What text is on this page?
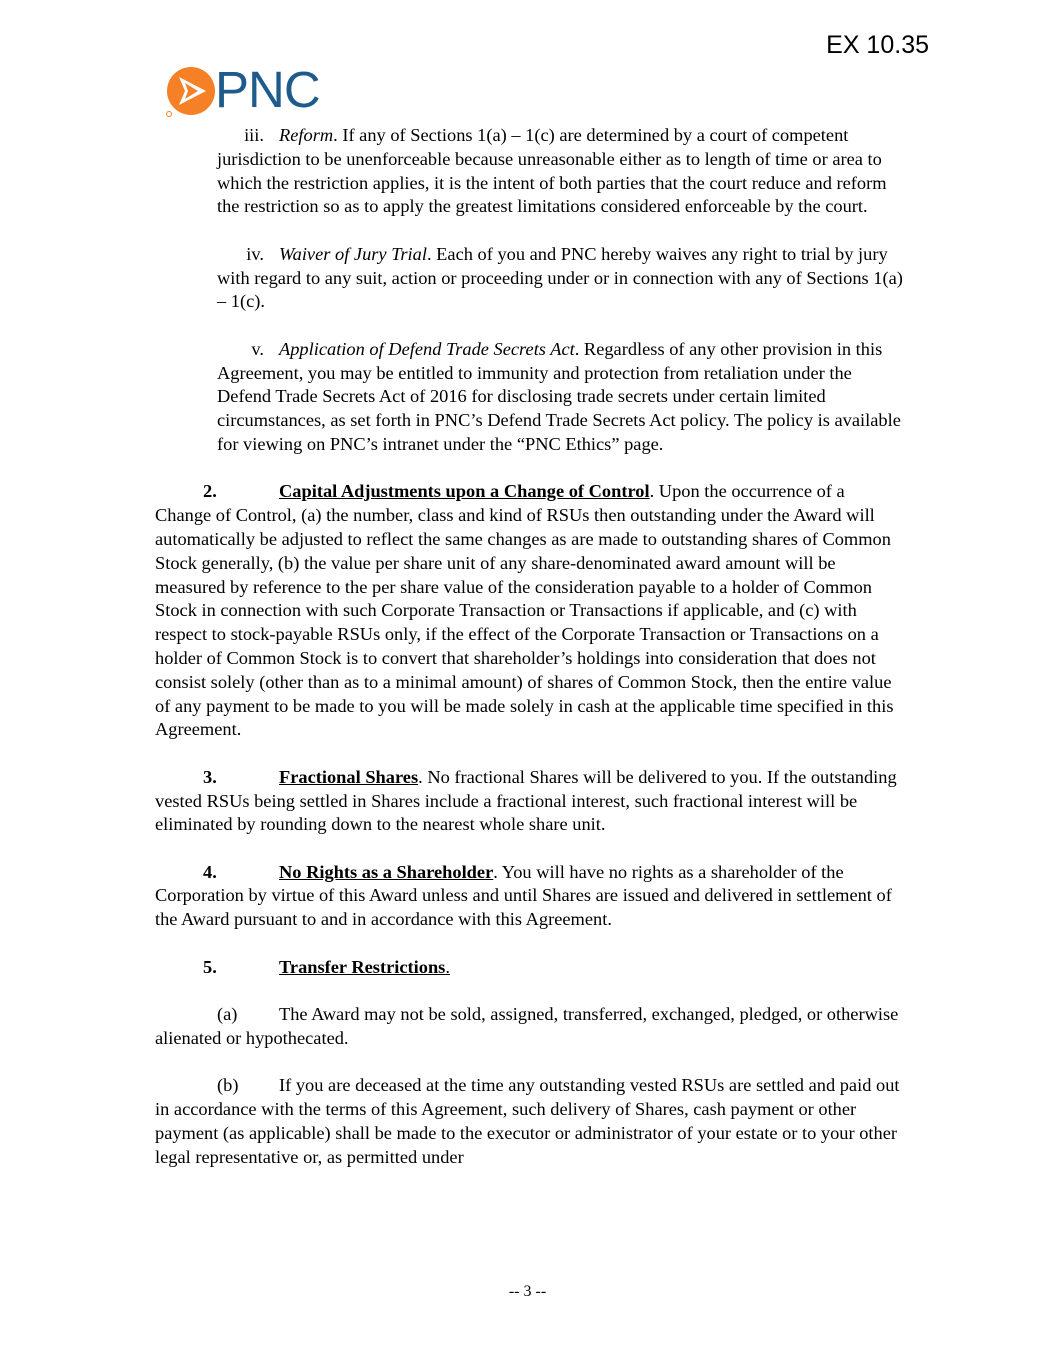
EX 10.35
PNC

iii. Reform. If any of Sections 1(a) – 1(c) are determined by a court of competent jurisdiction to be unenforceable because unreasonable either as to length of time or area to which the restriction applies, it is the intent of both parties that the court reduce and reform the restriction so as to apply the greatest limitations considered enforceable by the court.

iv. Waiver of Jury Trial. Each of you and PNC hereby waives any right to trial by jury with regard to any suit, action or proceeding under or in connection with any of Sections 1(a) – 1(c).

v. Application of Defend Trade Secrets Act. Regardless of any other provision in this Agreement, you may be entitled to immunity and protection from retaliation under the Defend Trade Secrets Act of 2016 for disclosing trade secrets under certain limited circumstances, as set forth in PNC’s Defend Trade Secrets Act policy. The policy is available for viewing on PNC’s intranet under the “PNC Ethics” page.

2.	Capital Adjustments upon a Change of Control. Upon the occurrence of a Change of Control, (a) the number, class and kind of RSUs then outstanding under the Award will automatically be adjusted to reflect the same changes as are made to outstanding shares of Common Stock generally, (b) the value per share unit of any share-denominated award amount will be measured by reference to the per share value of the consideration payable to a holder of Common Stock in connection with such Corporate Transaction or Transactions if applicable, and (c) with respect to stock-payable RSUs only, if the effect of the Corporate Transaction or Transactions on a holder of Common Stock is to convert that shareholder’s holdings into consideration that does not consist solely (other than as to a minimal amount) of shares of Common Stock, then the entire value of any payment to be made to you will be made solely in cash at the applicable time specified in this Agreement.

3.	Fractional Shares. No fractional Shares will be delivered to you. If the outstanding vested RSUs being settled in Shares include a fractional interest, such fractional interest will be eliminated by rounding down to the nearest whole share unit.

4.	No Rights as a Shareholder. You will have no rights as a shareholder of the Corporation by virtue of this Award unless and until Shares are issued and delivered in settlement of the Award pursuant to and in accordance with this Agreement.

5.	Transfer Restrictions.

(a) The Award may not be sold, assigned, transferred, exchanged, pledged, or otherwise alienated or hypothecated.

(b) If you are deceased at the time any outstanding vested RSUs are settled and paid out in accordance with the terms of this Agreement, such delivery of Shares, cash payment or other payment (as applicable) shall be made to the executor or administrator of your estate or to your other legal representative or, as permitted under

-- 3 --
